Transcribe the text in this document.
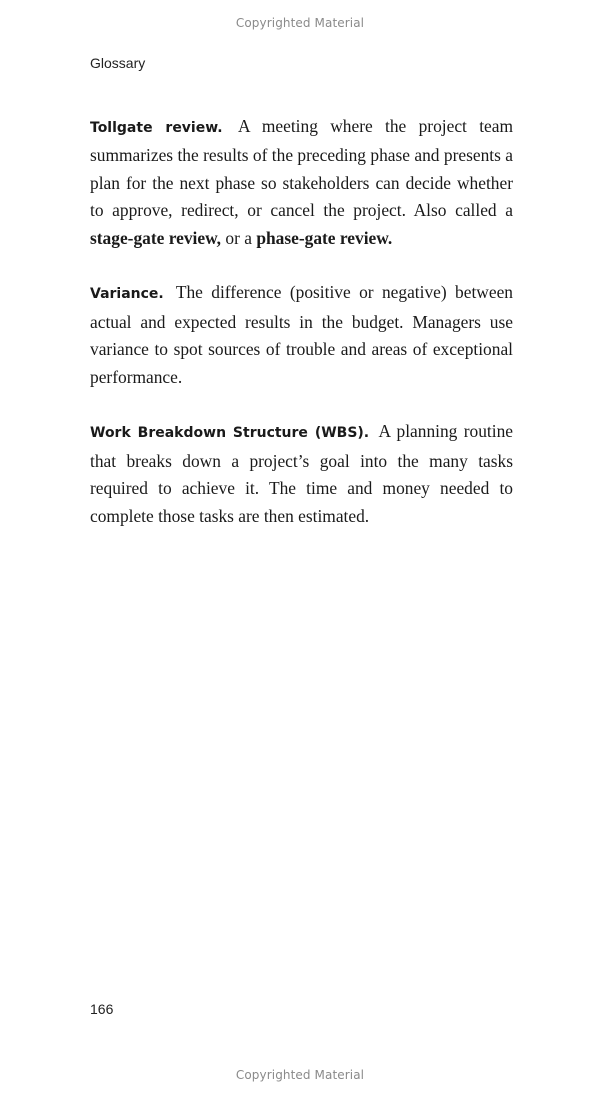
Copyrighted Material
Glossary

Tollgate review. A meeting where the project team summarizes the results of the preceding phase and presents a plan for the next phase so stakeholders can decide whether to approve, redirect, or cancel the project. Also called a stage-gate review, or a phase-gate review.

Variance. The difference (positive or negative) between actual and expected results in the budget. Managers use variance to spot sources of trouble and areas of exceptional performance.

Work Breakdown Structure (WBS). A planning routine that breaks down a project’s goal into the many tasks required to achieve it. The time and money needed to complete those tasks are then estimated.

166
Copyrighted Material
